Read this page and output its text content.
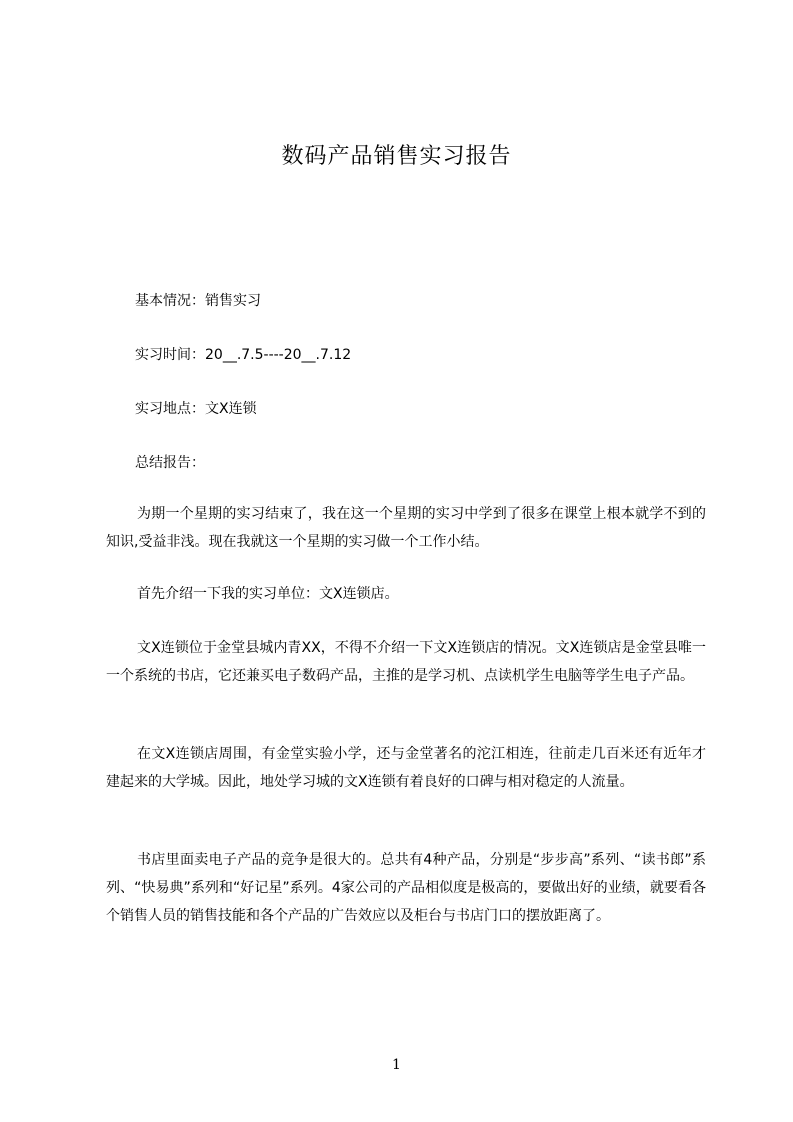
数码产品销售实习报告
基本情况：销售实习
实习时间：20__.7.5----20__.7.12
实习地点：文X连锁
总结报告：
为期一个星期的实习结束了，我在这一个星期的实习中学到了很多在课堂上根本就学不到的知识,受益非浅。现在我就这一个星期的实习做一个工作小结。
首先介绍一下我的实习单位：文X连锁店。
文X连锁位于金堂县城内青XX，不得不介绍一下文X连锁店的情况。文X连锁店是金堂县唯一一个系统的书店，它还兼买电子数码产品，主推的是学习机、点读机学生电脑等学生电子产品。
在文X连锁店周围，有金堂实验小学，还与金堂著名的沱江相连，往前走几百米还有近年才建起来的大学城。因此，地处学习城的文X连锁有着良好的口碑与相对稳定的人流量。
书店里面卖电子产品的竞争是很大的。总共有4种产品，分别是“步步高”系列、“读书郎”系列、“快易典”系列和“好记星”系列。4家公司的产品相似度是极高的，要做出好的业绩，就要看各个销售人员的销售技能和各个产品的广告效应以及柜台与书店门口的摆放距离了。
1
